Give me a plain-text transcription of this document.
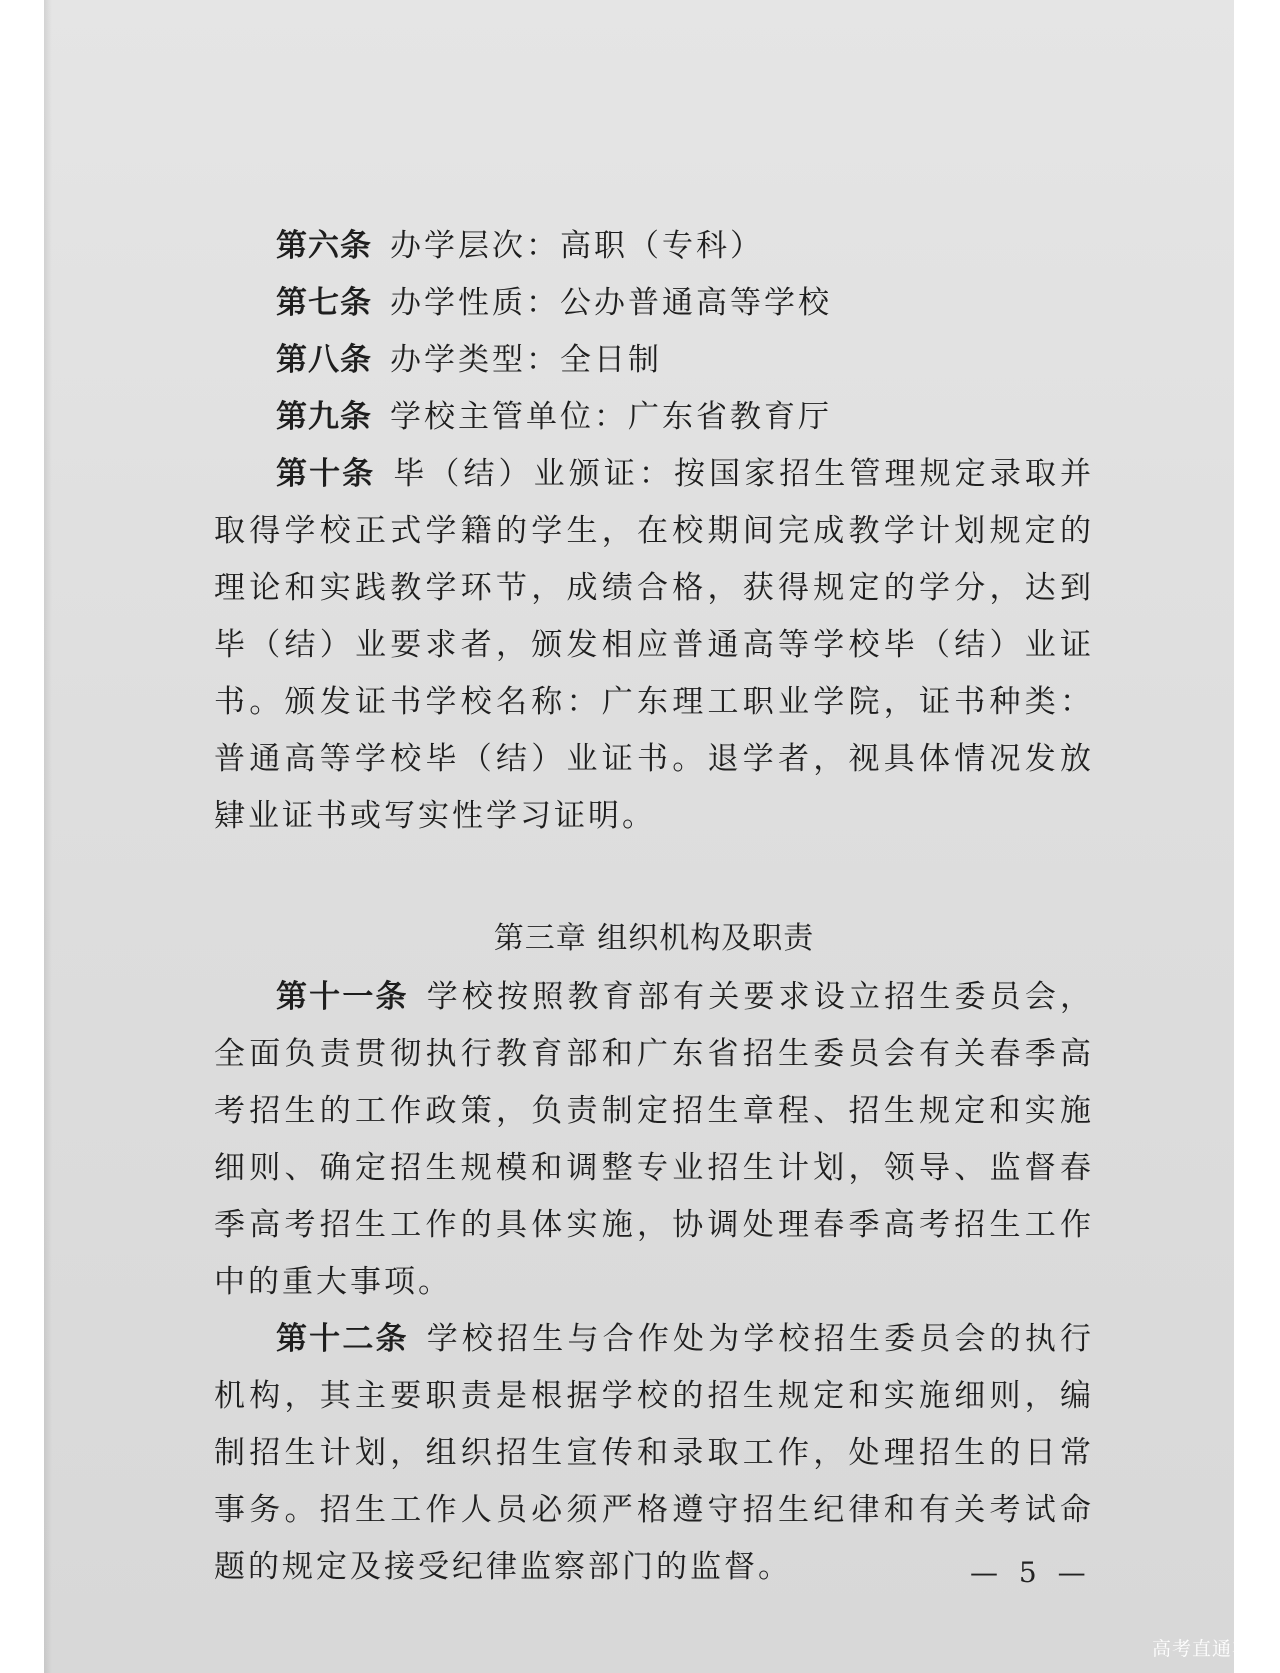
第六条 办学层次：高职（专科）
第七条 办学性质：公办普通高等学校
第八条 办学类型：全日制
第九条 学校主管单位：广东省教育厅

第十条 毕（结）业颁证：按国家招生管理规定录取并取得学校正式学籍的学生，在校期间完成教学计划规定的理论和实践教学环节，成绩合格，获得规定的学分，达到毕（结）业要求者，颁发相应普通高等学校毕（结）业证书。颁发证书学校名称：广东理工职业学院，证书种类：普通高等学校毕（结）业证书。退学者，视具体情况发放肄业证书或写实性学习证明。

第三章 组织机构及职责

第十一条 学校按照教育部有关要求设立招生委员会，全面负责贯彻执行教育部和广东省招生委员会有关春季高考招生的工作政策，负责制定招生章程、招生规定和实施细则、确定招生规模和调整专业招生计划，领导、监督春季高考招生工作的具体实施，协调处理春季高考招生工作中的重大事项。

第十二条 学校招生与合作处为学校招生委员会的执行机构，其主要职责是根据学校的招生规定和实施细则，编制招生计划，组织招生宣传和录取工作，处理招生的日常事务。招生工作人员必须严格遵守招生纪律和有关考试命题的规定及接受纪律监察部门的监督。	— 5 —
高考直通车
